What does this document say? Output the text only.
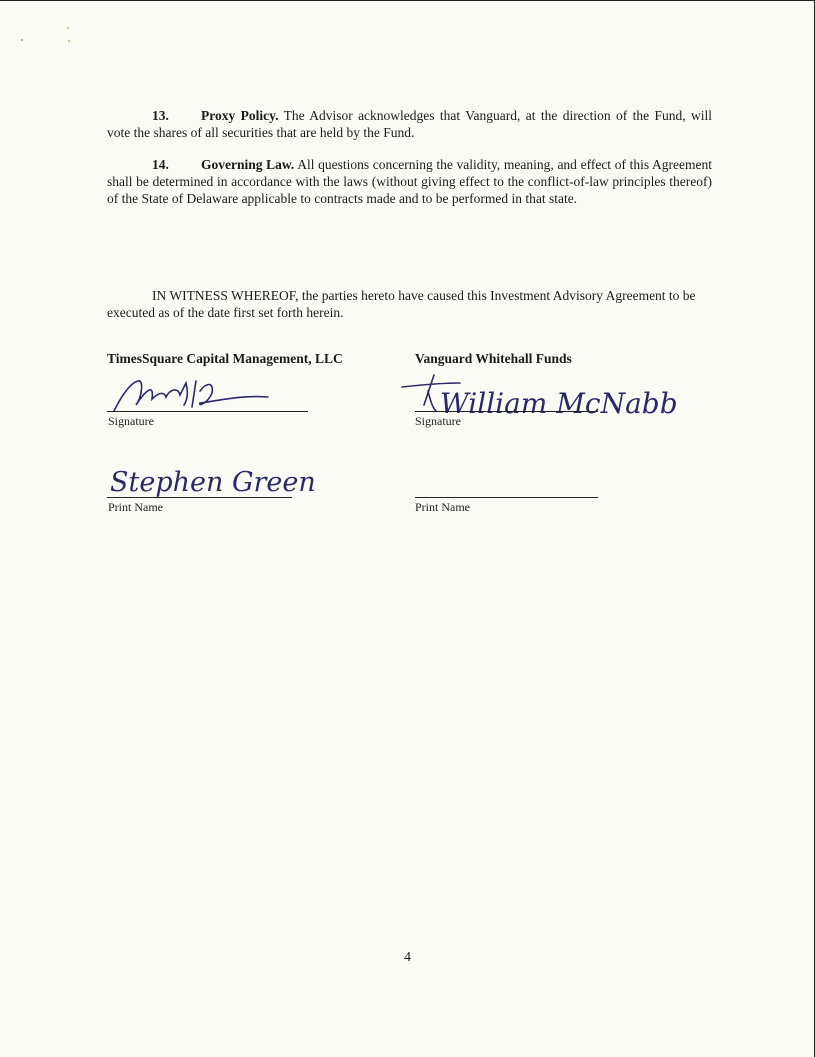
13. Proxy Policy. The Advisor acknowledges that Vanguard, at the direction of the Fund, will vote the shares of all securities that are held by the Fund.

14. Governing Law. All questions concerning the validity, meaning, and effect of this Agreement shall be determined in accordance with the laws (without giving effect to the conflict-of-law principles thereof) of the State of Delaware applicable to contracts made and to be performed in that state.

IN WITNESS WHEREOF, the parties hereto have caused this Investment Advisory Agreement to be executed as of the date first set forth herein.

TimesSquare Capital Management, LLC
Signature
Stephen Green
Print Name
Vanguard Whitehall Funds
William McNabb
Signature
Print Name
4
